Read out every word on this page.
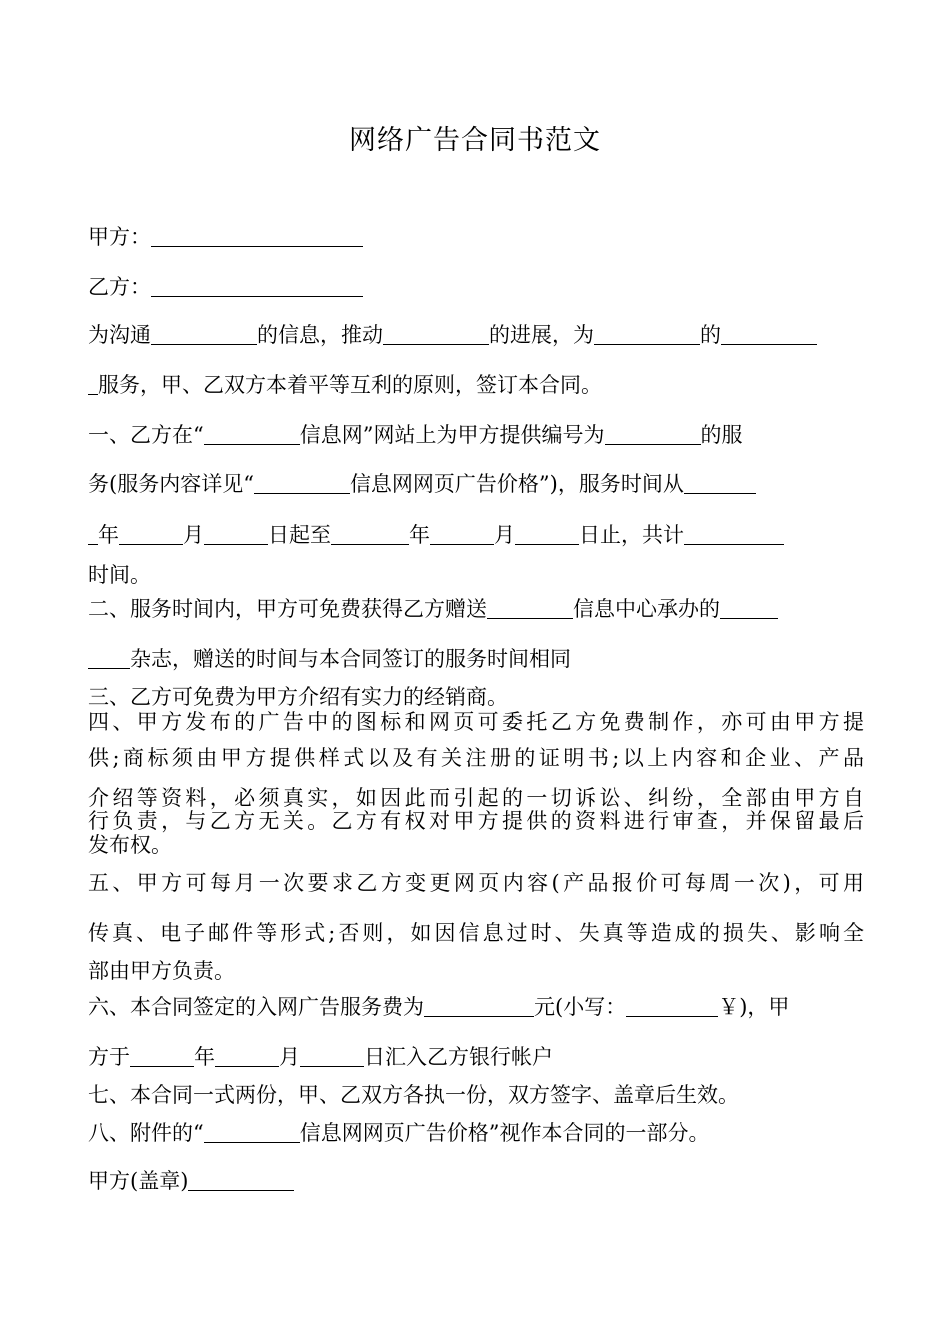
网络广告合同书范文
甲方：
乙方：
为沟通	的信息，推动	的进展，为	的
服务，甲、乙双方本着平等互利的原则，签订本合同。
一、乙方在“	信息网”网站上为甲方提供编号为	的服
务(服务内容详见“	信息网网页广告价格”)，服务时间从
年	月	日起至	年	月	日止，共计
时间。
二、服务时间内，甲方可免费获得乙方赠送	信息中心承办的
杂志，赠送的时间与本合同签订的服务时间相同
三、乙方可免费为甲方介绍有实力的经销商。
四、甲方发布的广告中的图标和网页可委托乙方免费制作，亦可由甲方提
供;商标须由甲方提供样式以及有关注册的证明书;以上内容和企业、产品
介绍等资料，必须真实，如因此而引起的一切诉讼、纠纷，全部由甲方自
行负责，与乙方无关。乙方有权对甲方提供的资料进行审查，并保留最后
发布权。
五、甲方可每月一次要求乙方变更网页内容(产品报价可每周一次)，可用
传真、电子邮件等形式;否则，如因信息过时、失真等造成的损失、影响全
部由甲方负责。
六、本合同签定的入网广告服务费为	元(小写：	￥)，甲
方于	年	月	日汇入乙方银行帐户
七、本合同一式两份，甲、乙双方各执一份，双方签字、盖章后生效。
八、附件的“	信息网网页广告价格”视作本合同的一部分。
甲方(盖章)
